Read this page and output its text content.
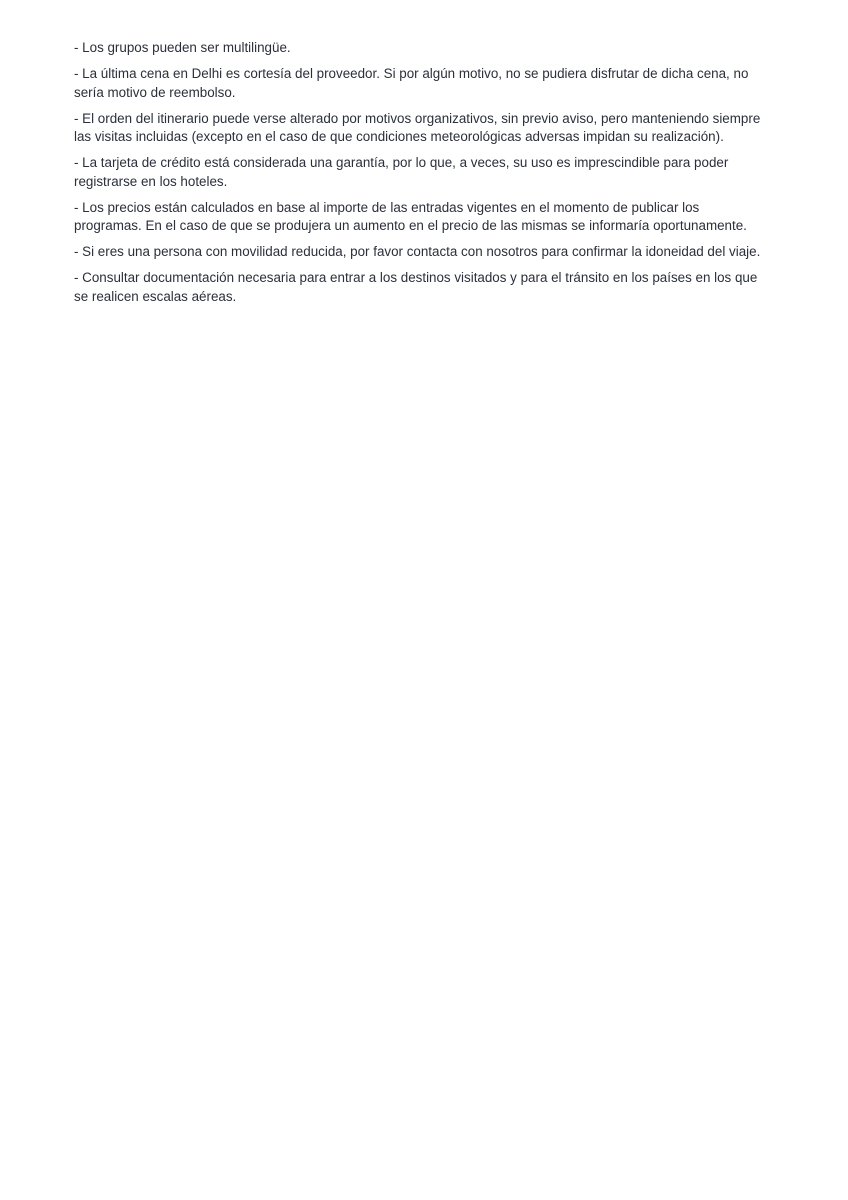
- Los grupos pueden ser multilingüe.
- La última cena en Delhi es cortesía del proveedor. Si por algún motivo, no se pudiera disfrutar de dicha cena, no sería motivo de reembolso.
- El orden del itinerario puede verse alterado por motivos organizativos, sin previo aviso, pero manteniendo siempre las visitas incluidas (excepto en el caso de que condiciones meteorológicas adversas impidan su realización).
- La tarjeta de crédito está considerada una garantía, por lo que, a veces, su uso es imprescindible para poder registrarse en los hoteles.
- Los precios están calculados en base al importe de las entradas vigentes en el momento de publicar los programas. En el caso de que se produjera un aumento en el precio de las mismas se informaría oportunamente.
- Si eres una persona con movilidad reducida, por favor contacta con nosotros para confirmar la idoneidad del viaje.
- Consultar documentación necesaria para entrar a los destinos visitados y para el tránsito en los países en los que se realicen escalas aéreas.
